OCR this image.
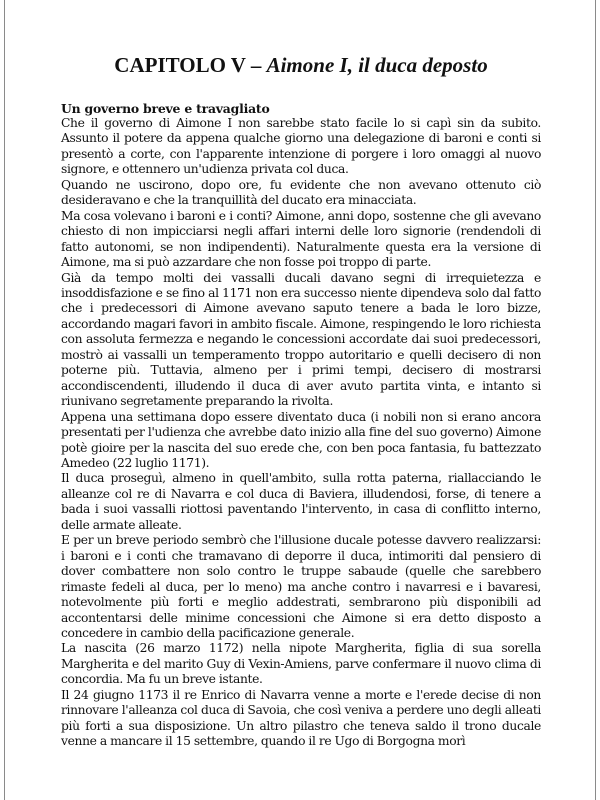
CAPITOLO V – Aimone I, il duca deposto
Un governo breve e travagliato

Che il governo di Aimone I non sarebbe stato facile lo si capì sin da subito. Assunto il potere da appena qualche giorno una delegazione di baroni e conti si presentò a corte, con l'apparente intenzione di porgere i loro omaggi al nuovo signore, e ottennero un'udienza privata col duca.

Quando ne uscirono, dopo ore, fu evidente che non avevano ottenuto ciò desideravano e che la tranquillità del ducato era minacciata.

Ma cosa volevano i baroni e i conti? Aimone, anni dopo, sostenne che gli avevano chiesto di non impicciarsi negli affari interni delle loro signorie (rendendoli di fatto autonomi, se non indipendenti). Naturalmente questa era la versione di Aimone, ma si può azzardare che non fosse poi troppo di parte.

Già da tempo molti dei vassalli ducali davano segni di irrequietezza e insoddisfazione e se fino al 1171 non era successo niente dipendeva solo dal fatto che i predecessori di Aimone avevano saputo tenere a bada le loro bizze, accordando magari favori in ambito fiscale. Aimone, respingendo le loro richiesta con assoluta fermezza e negando le concessioni accordate dai suoi predecessori, mostrò ai vassalli un temperamento troppo autoritario e quelli decisero di non poterne più. Tuttavia, almeno per i primi tempi, decisero di mostrarsi accondiscendenti, illudendo il duca di aver avuto partita vinta, e intanto si riunivano segretamente preparando la rivolta.

Appena una settimana dopo essere diventato duca (i nobili non si erano ancora presentati per l'udienza che avrebbe dato inizio alla fine del suo governo) Aimone potè gioire per la nascita del suo erede che, con ben poca fantasia, fu battezzato Amedeo (22 luglio 1171).

Il duca proseguì, almeno in quell'ambito, sulla rotta paterna, riallacciando le alleanze col re di Navarra e col duca di Baviera, illudendosi, forse, di tenere a bada i suoi vassalli riottosi paventando l'intervento, in casa di conflitto interno, delle armate alleate.

E per un breve periodo sembrò che l'illusione ducale potesse davvero realizzarsi: i baroni e i conti che tramavano di deporre il duca, intimoriti dal pensiero di dover combattere non solo contro le truppe sabaude (quelle che sarebbero rimaste fedeli al duca, per lo meno) ma anche contro i navarresi e i bavaresi, notevolmente più forti e meglio addestrati, sembrarono più disponibili ad accontentarsi delle minime concessioni che Aimone si era detto disposto a concedere in cambio della pacificazione generale.

La nascita (26 marzo 1172) nella nipote Margherita, figlia di sua sorella Margherita e del marito Guy di Vexin-Amiens, parve confermare il nuovo clima di concordia. Ma fu un breve istante.

Il 24 giugno 1173 il re Enrico di Navarra venne a morte e l'erede decise di non rinnovare l'alleanza col duca di Savoia, che così veniva a perdere uno degli alleati più forti a sua disposizione. Un altro pilastro che teneva saldo il trono ducale venne a mancare il 15 settembre, quando il re Ugo di Borgogna morì
